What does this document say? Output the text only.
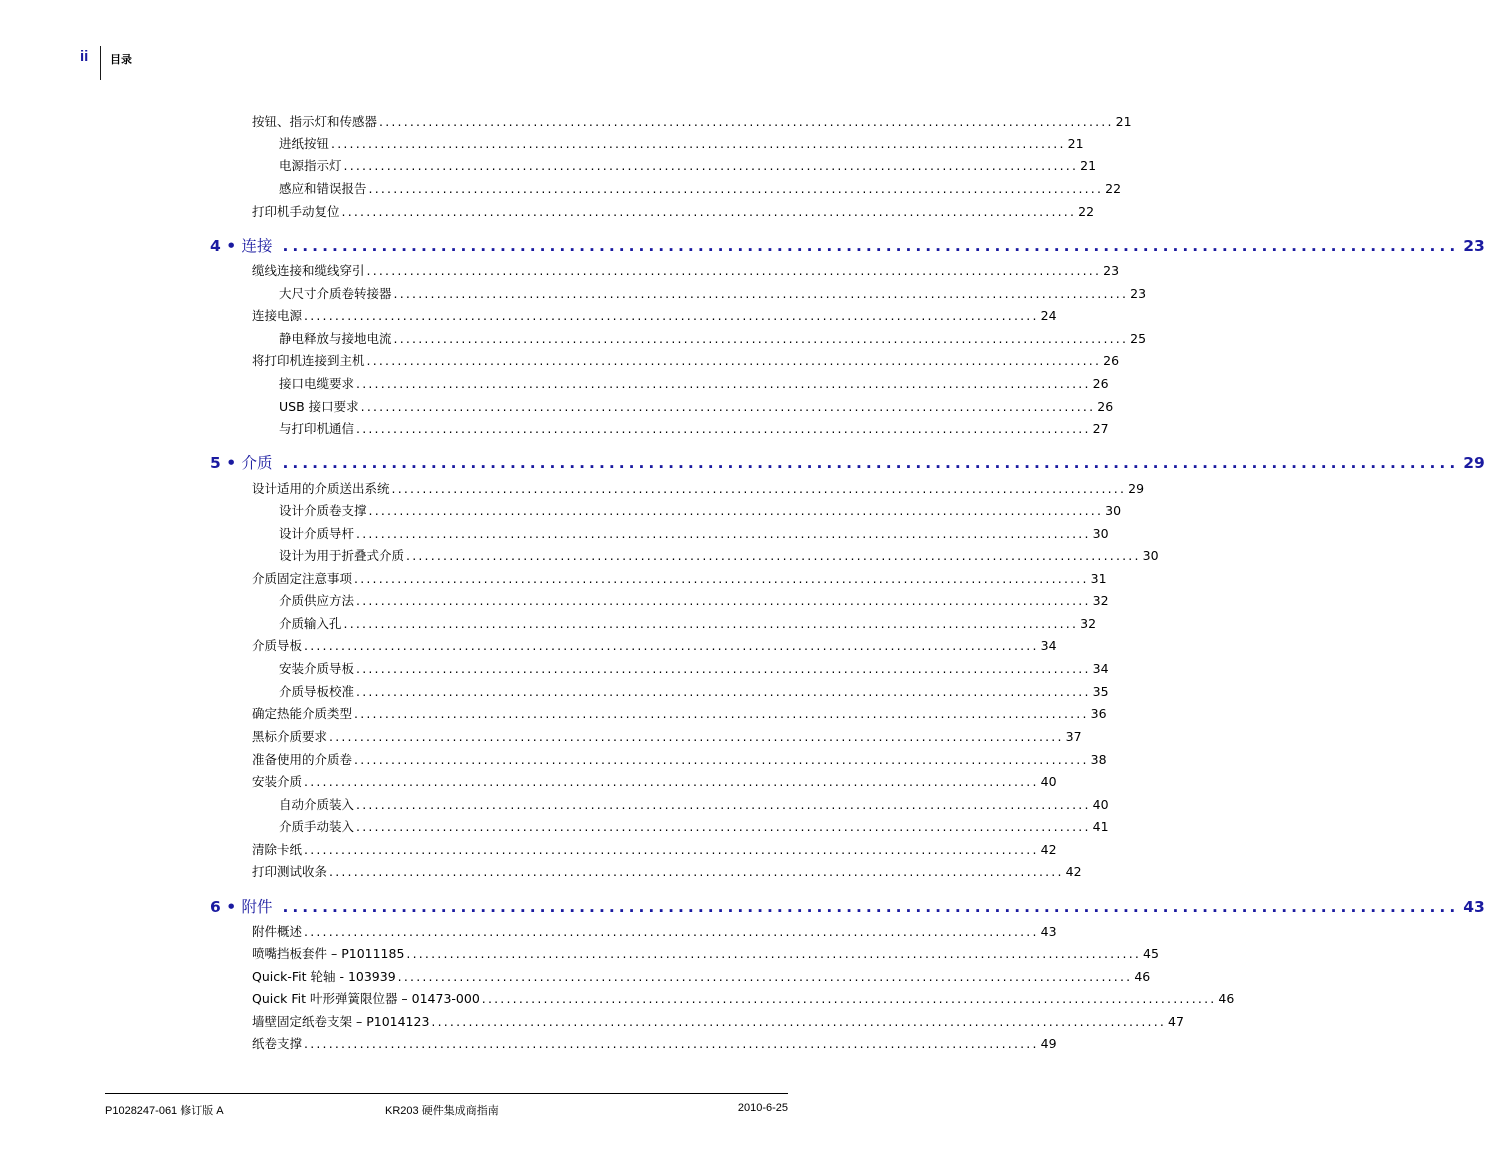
ii 目录
按钮、指示灯和传感器 ....................................................................................................................... 21
进纸按钮 ....................................................................................................................... 21
电源指示灯 ....................................................................................................................... 21
感应和错误报告 ....................................................................................................................... 22
打印机手动复位 ....................................................................................................................... 22
4 • 连接 ....................................................................................................................... 23
缆线连接和缆线穿引 ....................................................................................................................... 23
大尺寸介质卷转接器 ....................................................................................................................... 23
连接电源 ....................................................................................................................... 24
静电释放与接地电流 ....................................................................................................................... 25
将打印机连接到主机 ....................................................................................................................... 26
接口电缆要求 ....................................................................................................................... 26
USB 接口要求 ....................................................................................................................... 26
与打印机通信 ....................................................................................................................... 27
5 • 介质 ....................................................................................................................... 29
设计适用的介质送出系统 ....................................................................................................................... 29
设计介质卷支撑 ....................................................................................................................... 30
设计介质导杆 ....................................................................................................................... 30
设计为用于折叠式介质 ....................................................................................................................... 30
介质固定注意事项 ....................................................................................................................... 31
介质供应方法 ....................................................................................................................... 32
介质输入孔 ....................................................................................................................... 32
介质导板 ....................................................................................................................... 34
安装介质导板 ....................................................................................................................... 34
介质导板校准 ....................................................................................................................... 35
确定热能介质类型 ....................................................................................................................... 36
黑标介质要求 ....................................................................................................................... 37
准备使用的介质卷 ....................................................................................................................... 38
安装介质 ....................................................................................................................... 40
自动介质装入 ....................................................................................................................... 40
介质手动装入 ....................................................................................................................... 41
清除卡纸 ....................................................................................................................... 42
打印测试收条 ....................................................................................................................... 42
6 • 附件 ....................................................................................................................... 43
附件概述 ....................................................................................................................... 43
喷嘴挡板套件 – P1011185 ....................................................................................................................... 45
Quick-Fit 轮轴 - 103939 ....................................................................................................................... 46
Quick Fit 叶形弹簧限位器 – 01473-000 ....................................................................................................................... 46
墙壁固定纸卷支架 – P1014123 ....................................................................................................................... 47
纸卷支撑 ....................................................................................................................... 49
P1028247-061 修订版 A	KR203 硬件集成商指南	2010-6-25
